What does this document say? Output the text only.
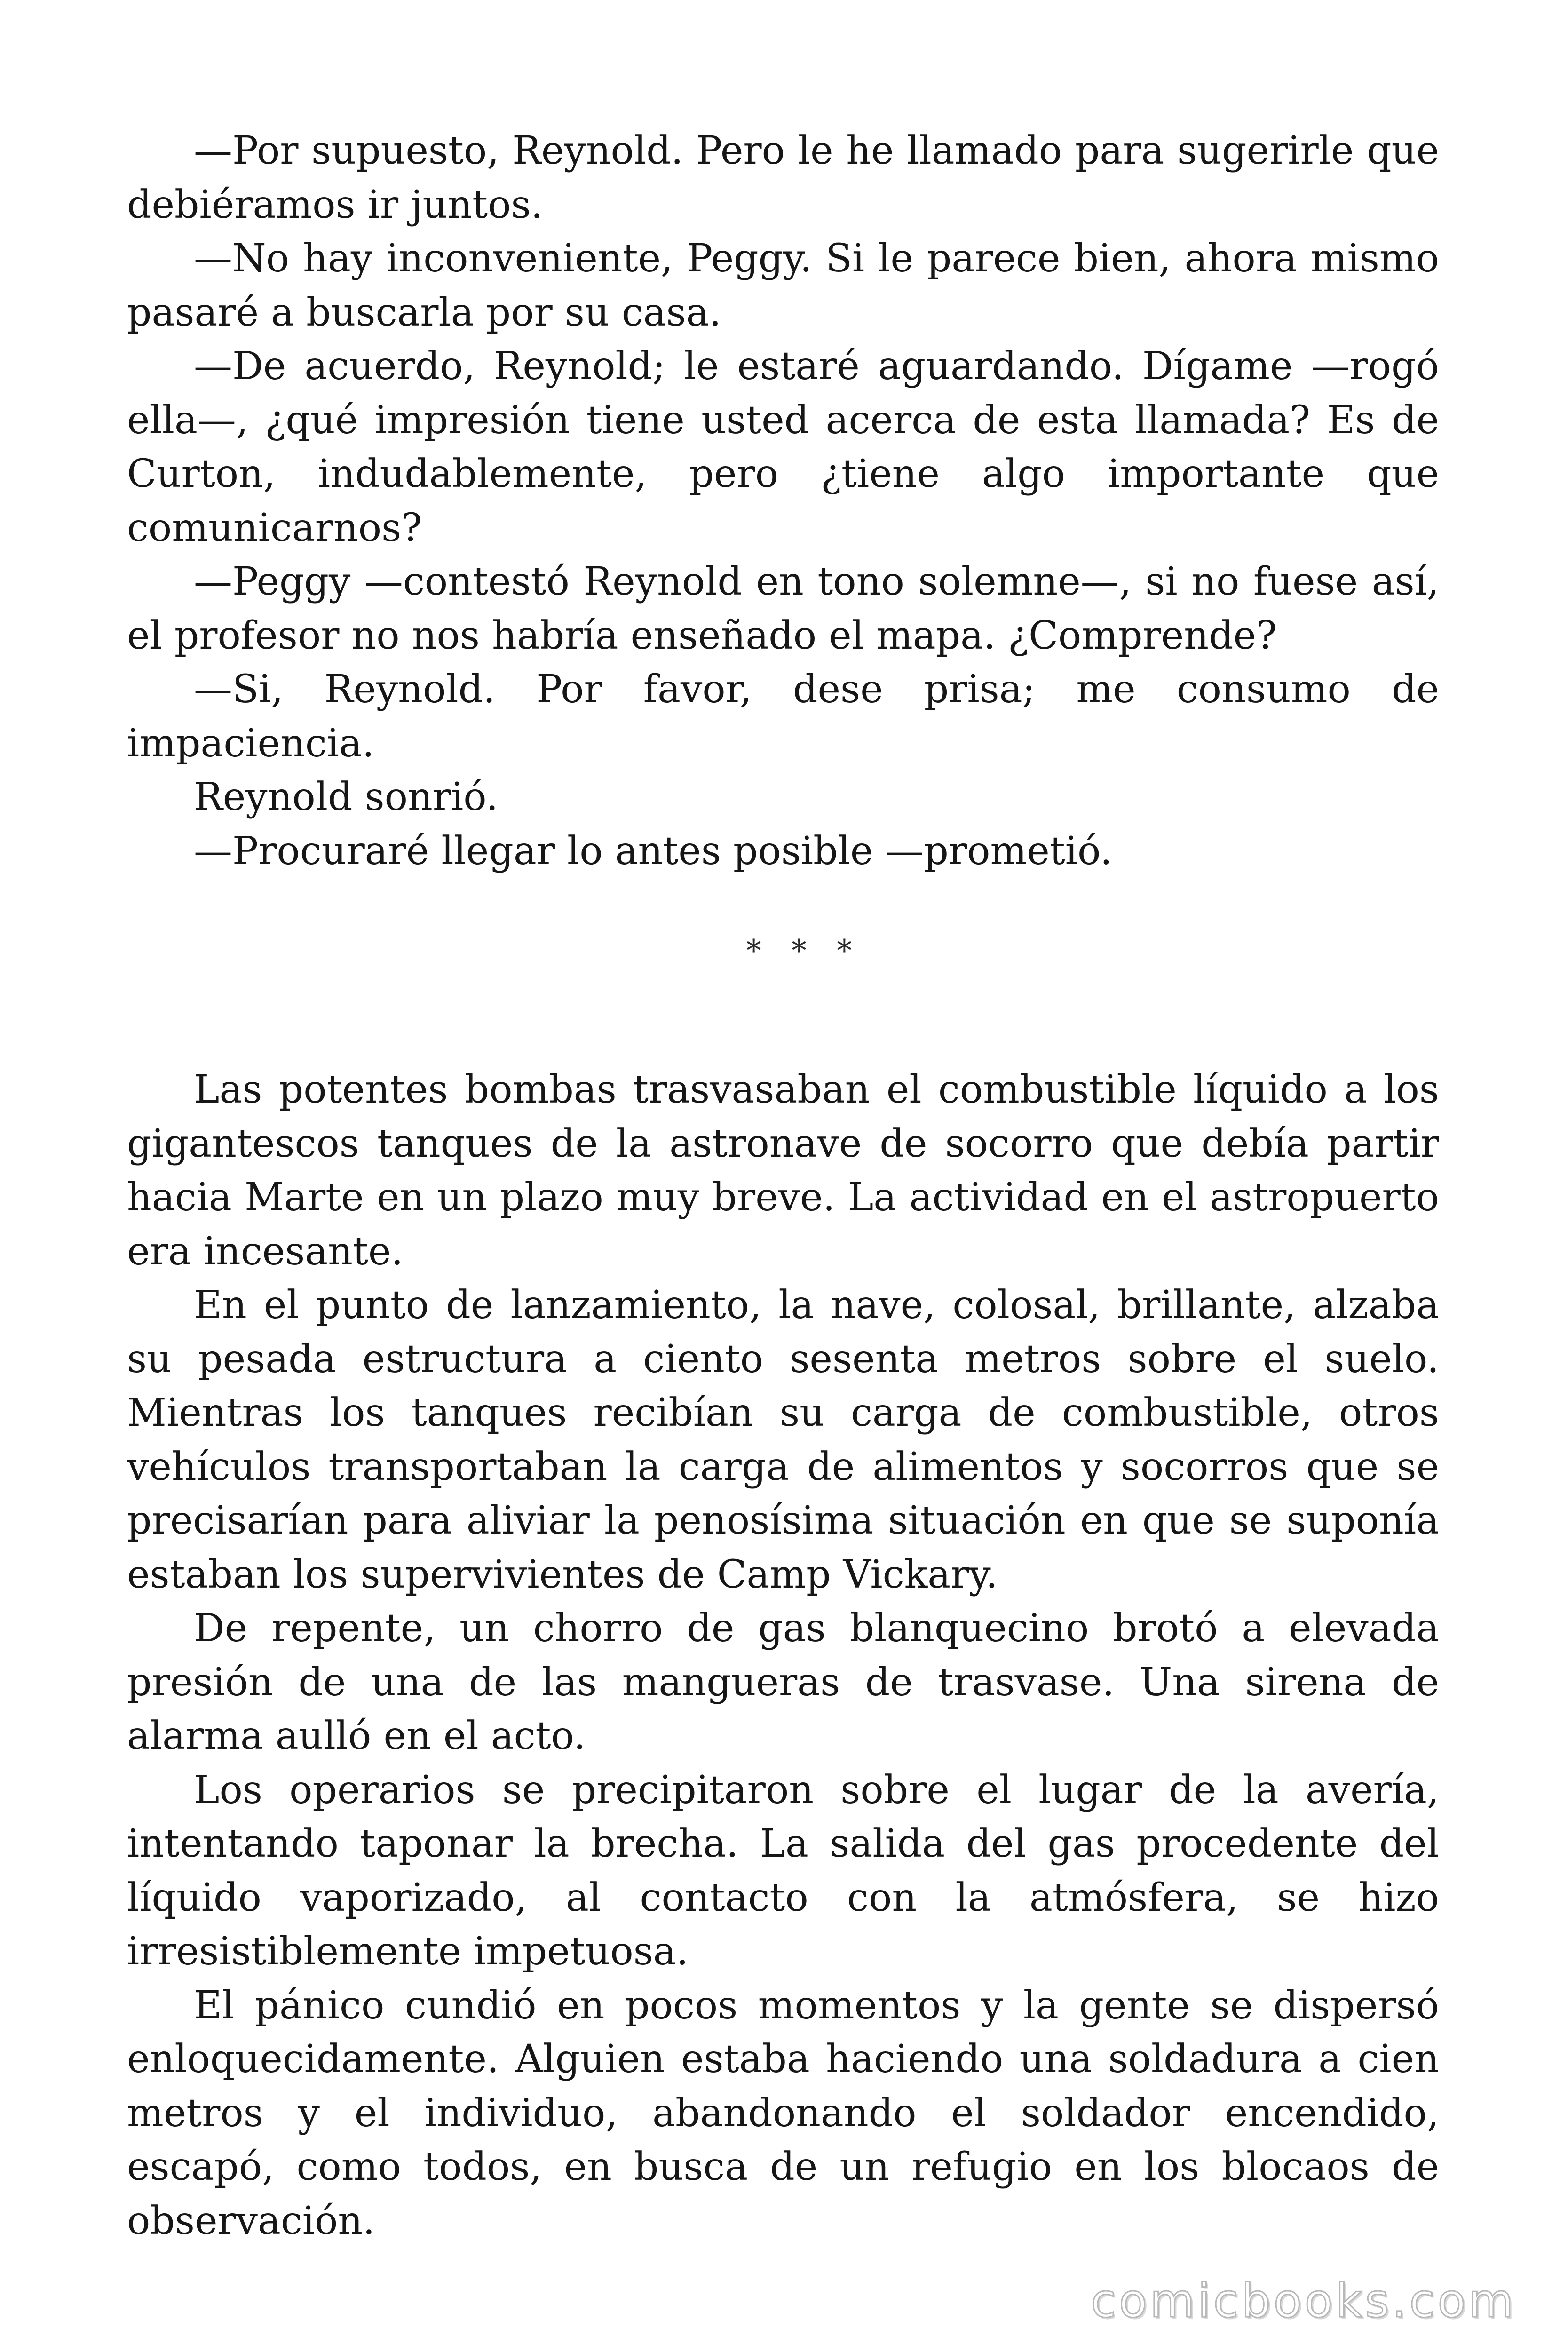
—Por supuesto, Reynold. Pero le he llamado para sugerirle que debiéramos ir juntos.

—No hay inconveniente, Peggy. Si le parece bien, ahora mismo pasaré a buscarla por su casa.

—De acuerdo, Reynold; le estaré aguardando. Dígame —rogó ella—, ¿qué impresión tiene usted acerca de esta llamada? Es de Curton, indudablemente, pero ¿tiene algo importante que comunicarnos?

—Peggy —contestó Reynold en tono solemne—, si no fuese así, el profesor no nos habría enseñado el mapa. ¿Comprende?

—Si, Reynold. Por favor, dese prisa; me consumo de impaciencia.

Reynold sonrió.

—Procuraré llegar lo antes posible —prometió.

* * *

Las potentes bombas trasvasaban el combustible líquido a los gigantescos tanques de la astronave de socorro que debía partir hacia Marte en un plazo muy breve. La actividad en el astropuerto era incesante.

En el punto de lanzamiento, la nave, colosal, brillante, alzaba su pesada estructura a ciento sesenta metros sobre el suelo. Mientras los tanques recibían su carga de combustible, otros vehículos transportaban la carga de alimentos y socorros que se precisarían para aliviar la penosísima situación en que se suponía estaban los supervivientes de Camp Vickary.

De repente, un chorro de gas blanquecino brotó a elevada presión de una de las mangueras de trasvase. Una sirena de alarma aulló en el acto.

Los operarios se precipitaron sobre el lugar de la avería, intentando taponar la brecha. La salida del gas procedente del líquido vaporizado, al contacto con la atmósfera, se hizo irresistiblemente impetuosa.

El pánico cundió en pocos momentos y la gente se dispersó enloquecidamente. Alguien estaba haciendo una soldadura a cien metros y el individuo, abandonando el soldador encendido, escapó, como todos, en busca de un refugio en los blocaos de observación.

comicbooks.com
